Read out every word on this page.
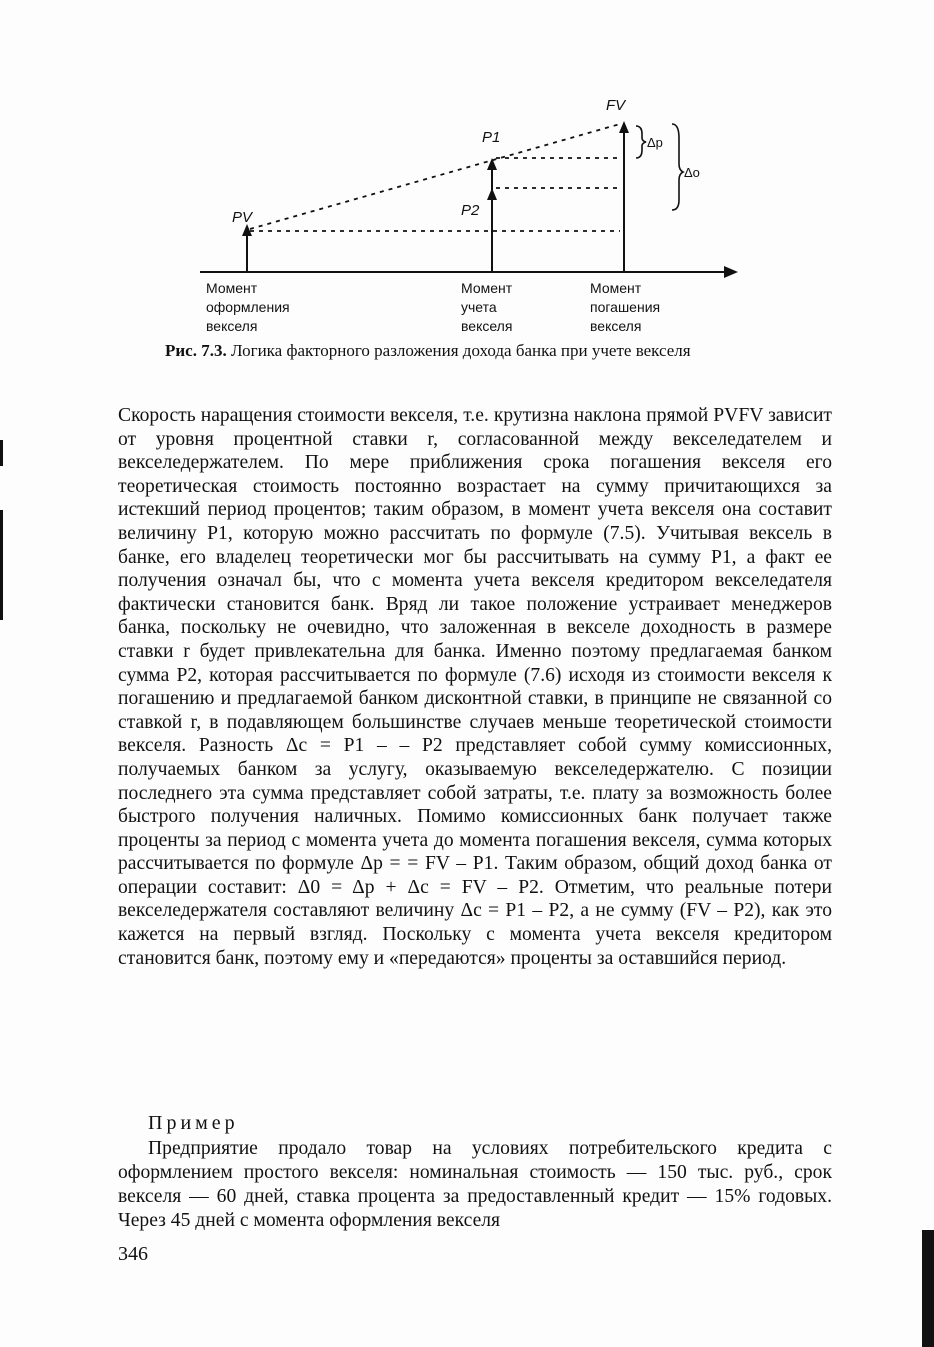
FV
P1
P2
PV
Δp
Δo
Момент
оформления
векселя
Момент
учета
векселя
Момент
погашения
векселя
Рис. 7.3. Логика факторного разложения дохода банка при учете векселя

Скорость наращения стоимости векселя, т.е. крутизна наклона прямой PVFV зависит от уровня процентной ставки r, согласованной между векселедателем и векселедержателем. По мере приближения срока погашения векселя его теоретическая стоимость постоянно возрастает на сумму причитающихся за истекший период процентов; таким образом, в момент учета векселя она составит величину P1, которую можно рассчитать по формуле (7.5). Учитывая вексель в банке, его владелец теоретически мог бы рассчитывать на сумму P1, а факт ее получения означал бы, что с момента учета векселя кредитором векселедателя фактически становится банк. Вряд ли такое положение устраивает менеджеров банка, поскольку не очевидно, что заложенная в векселе доходность в размере ставки r будет привлекательна для банка. Именно поэтому предлагаемая банком сумма P2, которая рассчитывается по формуле (7.6) исходя из стоимости векселя к погашению и предлагаемой банком дисконтной ставки, в принципе не связанной со ставкой r, в подавляющем большинстве случаев меньше теоретической стоимости векселя. Разность Δc = P1 – – P2 представляет собой сумму комиссионных, получаемых банком за услугу, оказываемую векселедержателю. С позиции последнего эта сумма представляет собой затраты, т.е. плату за возможность более быстрого получения наличных. Помимо комиссионных банк получает также проценты за период с момента учета до момента погашения векселя, сумма которых рассчитывается по формуле Δp = = FV – P1. Таким образом, общий доход банка от операции составит: Δ0 = Δp + Δc = FV – P2. Отметим, что реальные потери векселедержателя составляют величину Δc = P1 – P2, а не сумму (FV – P2), как это кажется на первый взгляд. Поскольку с момента учета векселя кредитором становится банк, поэтому ему и «передаются» проценты за оставшийся период.

Пример

Предприятие продало товар на условиях потребительского кредита с оформлением простого векселя: номинальная стоимость — 150 тыс. руб., срок векселя — 60 дней, ставка процента за предоставленный кредит — 15% годовых. Через 45 дней с момента оформления векселя

346
